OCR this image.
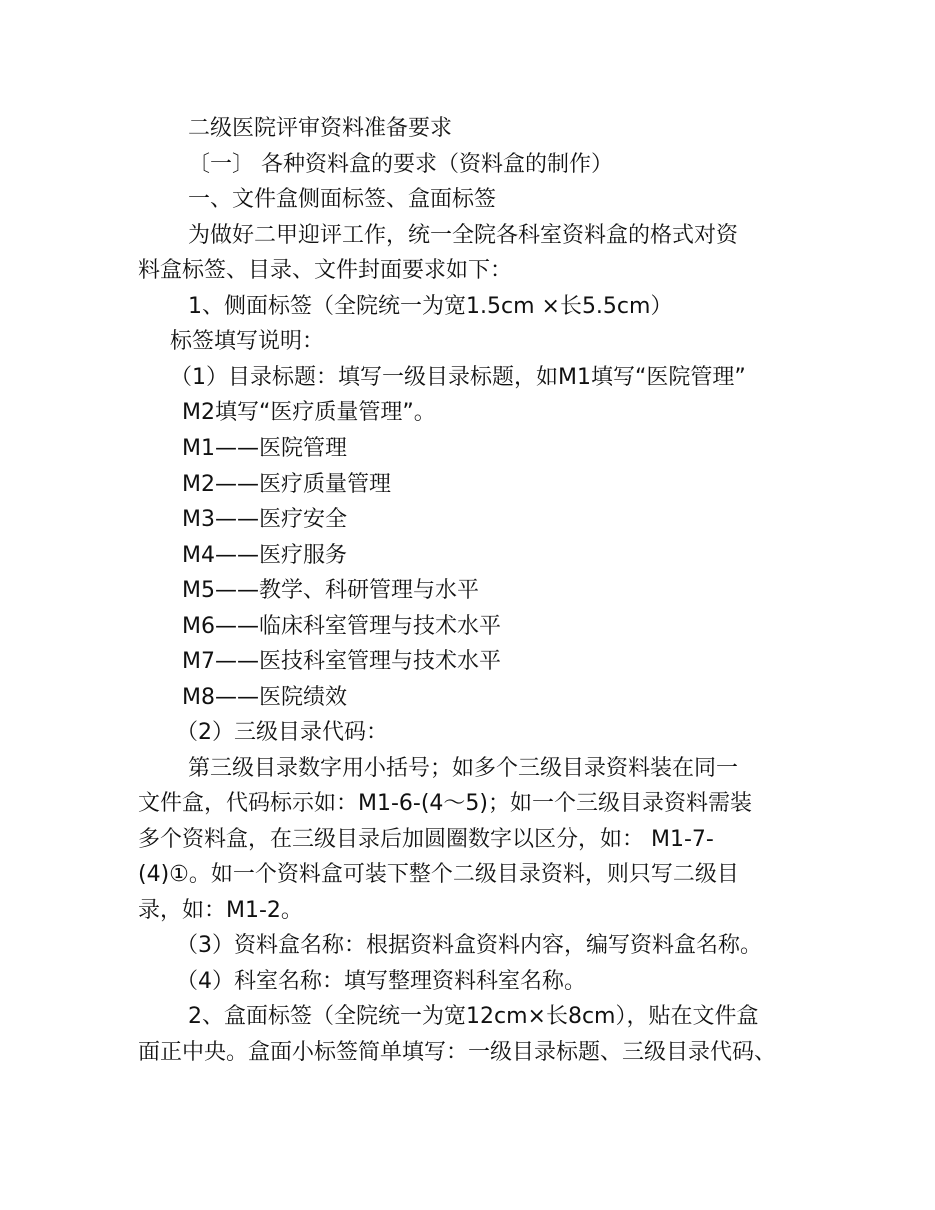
二级医院评审资料准备要求
〔一〕 各种资料盒的要求（资料盒的制作）
一、文件盒侧面标签、盒面标签
为做好二甲迎评工作，统一全院各科室资料盒的格式对资
料盒标签、目录、文件封面要求如下：
1、侧面标签（全院统一为宽1.5cm ×长5.5cm）
标签填写说明：
（1）目录标题：填写一级目录标题，如M1填写“医院管理”
M2填写“医疗质量管理”。
M1——医院管理
M2——医疗质量管理
M3——医疗安全
M4——医疗服务
M5——教学、科研管理与水平
M6——临床科室管理与技术水平
M7——医技科室管理与技术水平
M8——医院绩效
（2）三级目录代码：
第三级目录数字用小括号；如多个三级目录资料装在同一
文件盒，代码标示如：M1-6-(4～5)；如一个三级目录资料需装
多个资料盒，在三级目录后加圆圈数字以区分，如： M1-7-
(4)①。如一个资料盒可装下整个二级目录资料，则只写二级目
录，如：M1-2。
（3）资料盒名称：根据资料盒资料内容，编写资料盒名称。
（4）科室名称：填写整理资料科室名称。
2、盒面标签（全院统一为宽12cm×长8cm），贴在文件盒
面正中央。盒面小标签简单填写：一级目录标题、三级目录代码、
